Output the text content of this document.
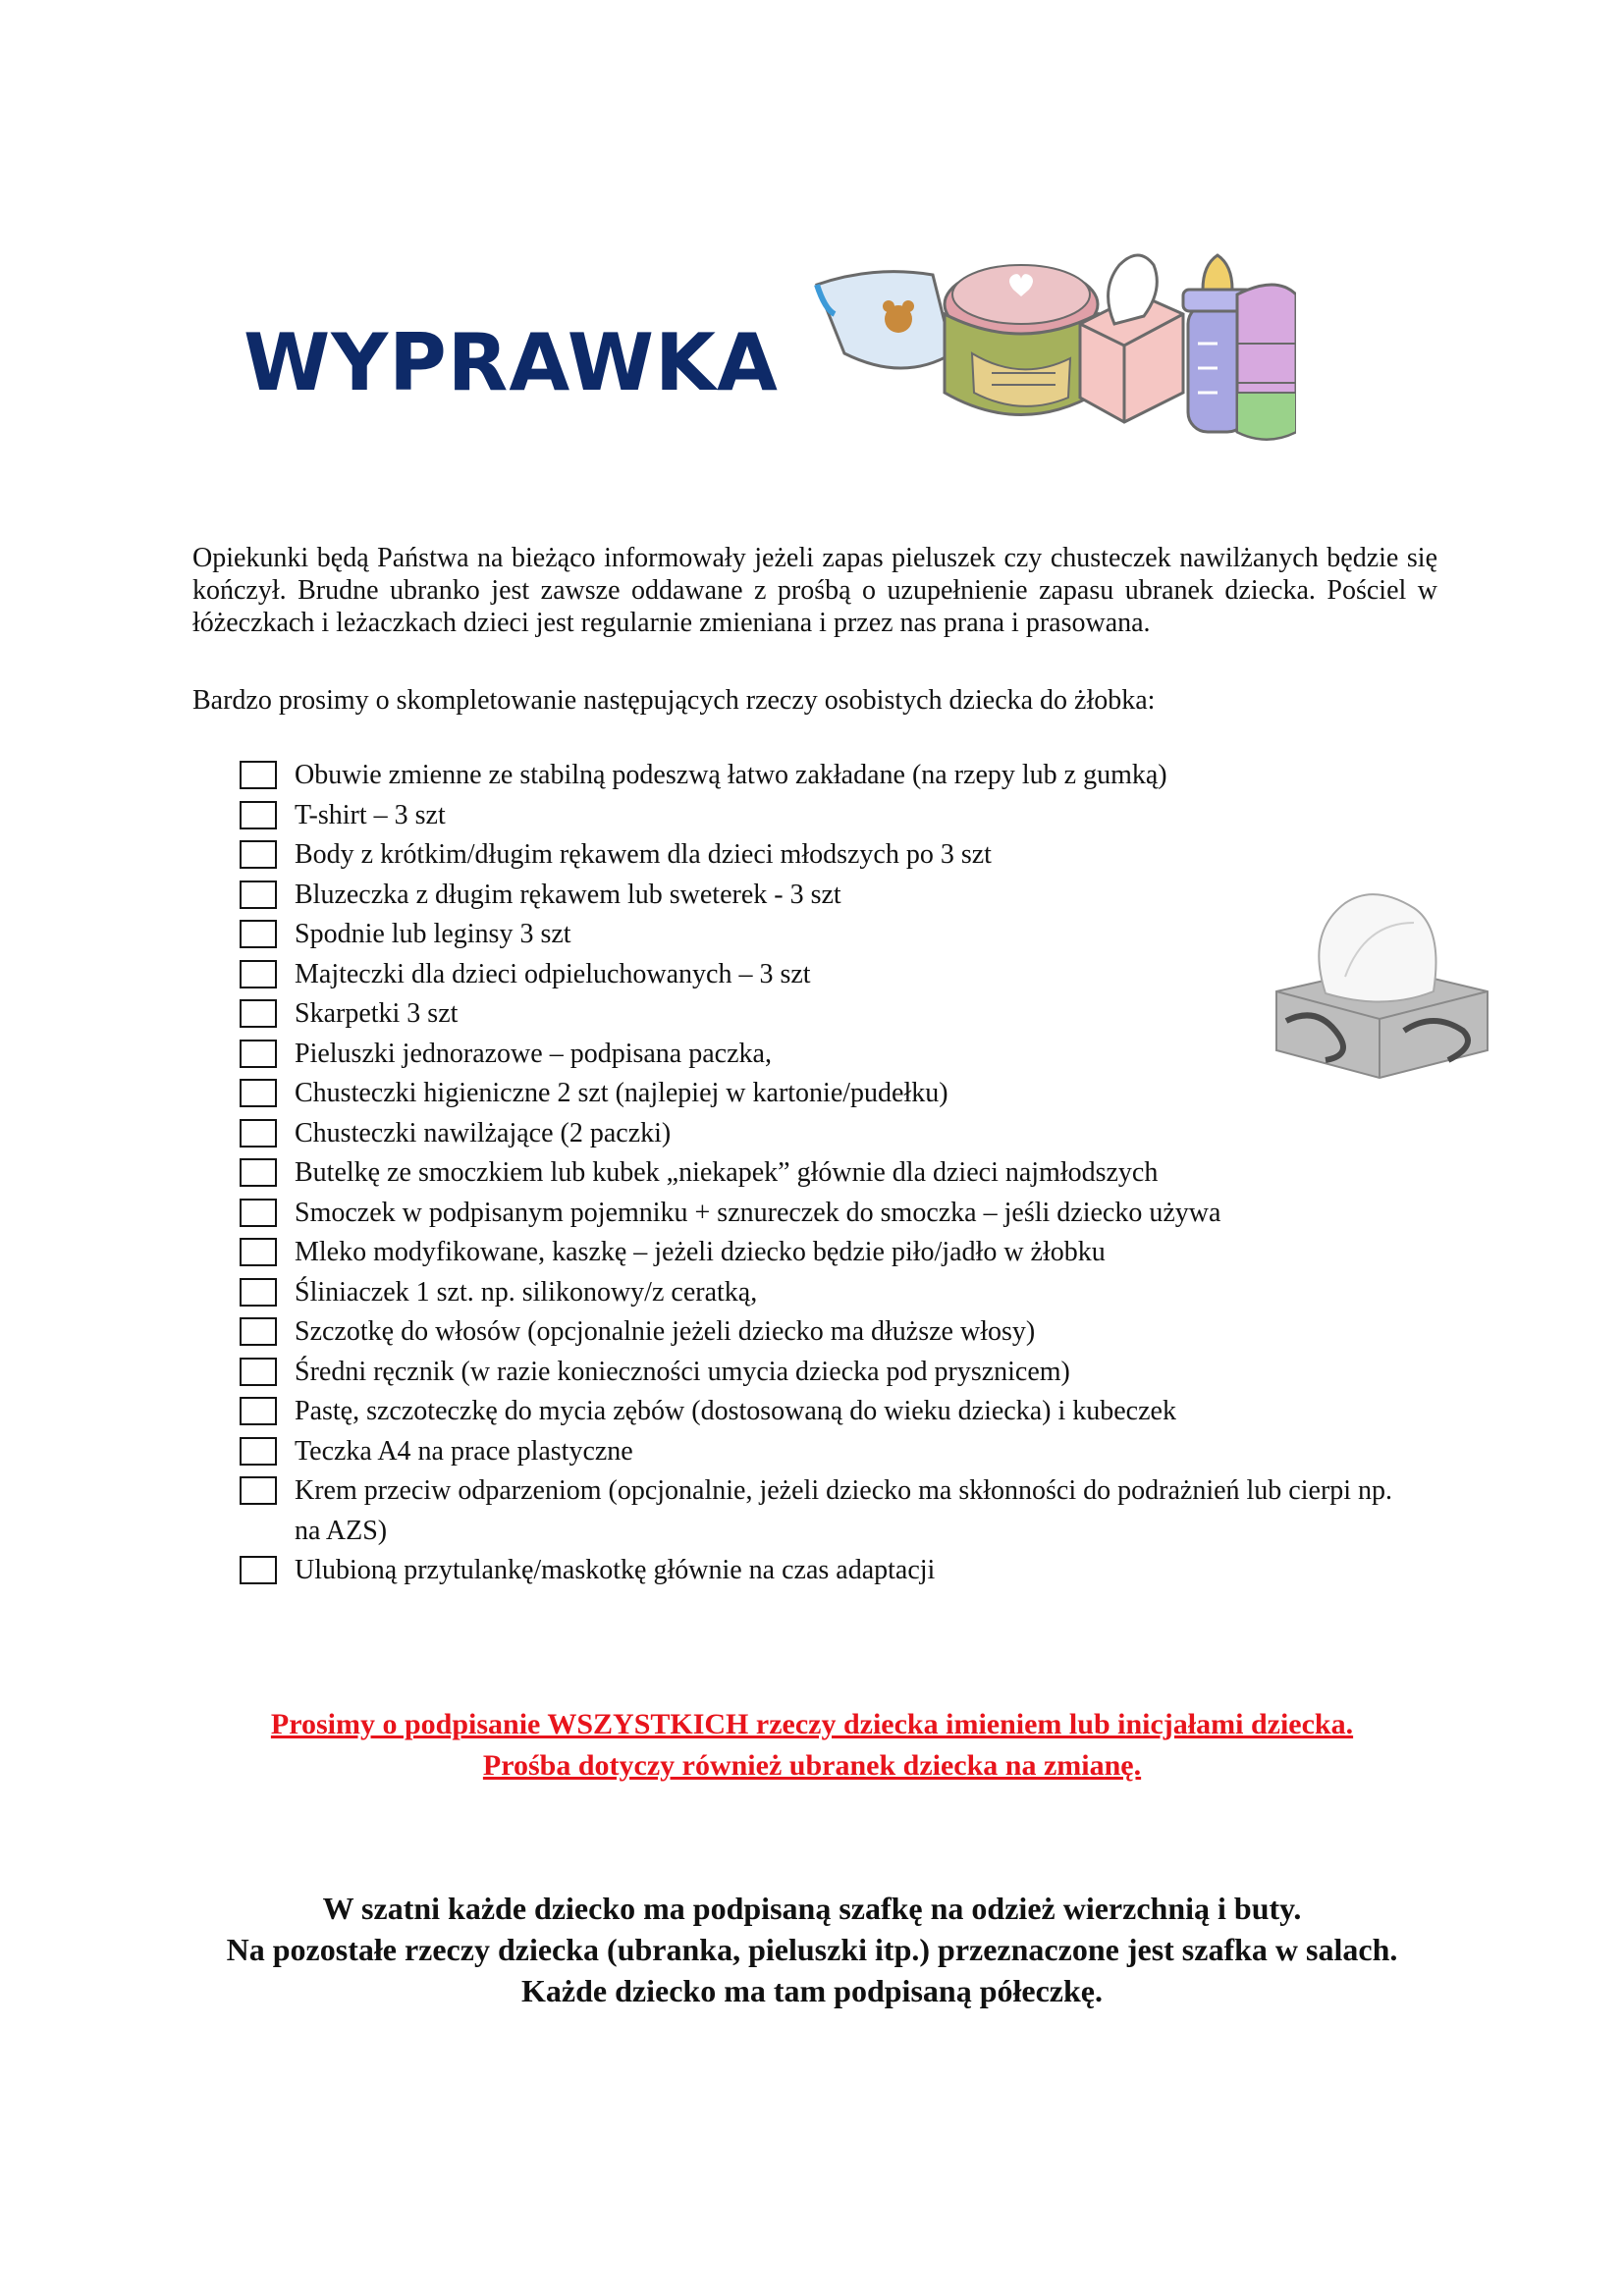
WYPRAWKA

Opiekunki będą Państwa na bieżąco informowały jeżeli zapas pieluszek czy chusteczek nawilżanych będzie się kończył. Brudne ubranko jest zawsze oddawane z prośbą o uzupełnienie zapasu ubranek dziecka. Pościel w łóżeczkach i leżaczkach dzieci jest regularnie zmieniana i przez nas prana i prasowana.

Bardzo prosimy o skompletowanie następujących rzeczy osobistych dziecka do żłobka:

Obuwie zmienne ze stabilną podeszwą łatwo zakładane (na rzepy lub z gumką)
T-shirt – 3 szt
Body z krótkim/długim rękawem dla dzieci młodszych po 3 szt
Bluzeczka z długim rękawem lub sweterek - 3 szt
Spodnie lub leginsy 3 szt
Majteczki dla dzieci odpieluchowanych – 3 szt
Skarpetki 3 szt
Pieluszki jednorazowe – podpisana paczka,
Chusteczki higieniczne 2 szt (najlepiej w kartonie/pudełku)
Chusteczki nawilżające (2 paczki)
Butelkę ze smoczkiem lub kubek „niekapek” głównie dla dzieci najmłodszych
Smoczek w podpisanym pojemniku + sznureczek do smoczka – jeśli dziecko używa
Mleko modyfikowane, kaszkę – jeżeli dziecko będzie piło/jadło w żłobku
Śliniaczek 1 szt. np. silikonowy/z ceratką,
Szczotkę do włosów (opcjonalnie jeżeli dziecko ma dłuższe włosy)
Średni ręcznik (w razie konieczności umycia dziecka pod prysznicem)
Pastę, szczoteczkę do mycia zębów (dostosowaną do wieku dziecka) i kubeczek
Teczka A4 na prace plastyczne
Krem przeciw odparzeniom (opcjonalnie, jeżeli dziecko ma skłonności do podrażnień lub cierpi np. na AZS)
Ulubioną przytulankę/maskotkę głównie na czas adaptacji
Prosimy o podpisanie WSZYSTKICH rzeczy dziecka imieniem lub inicjałami dziecka.
Prośba dotyczy również ubranek dziecka na zmianę.
W szatni każde dziecko ma podpisaną szafkę na odzież wierzchnią i buty.
Na pozostałe rzeczy dziecka (ubranka, pieluszki itp.) przeznaczone jest szafka w salach.
Każde dziecko ma tam podpisaną półeczkę.
